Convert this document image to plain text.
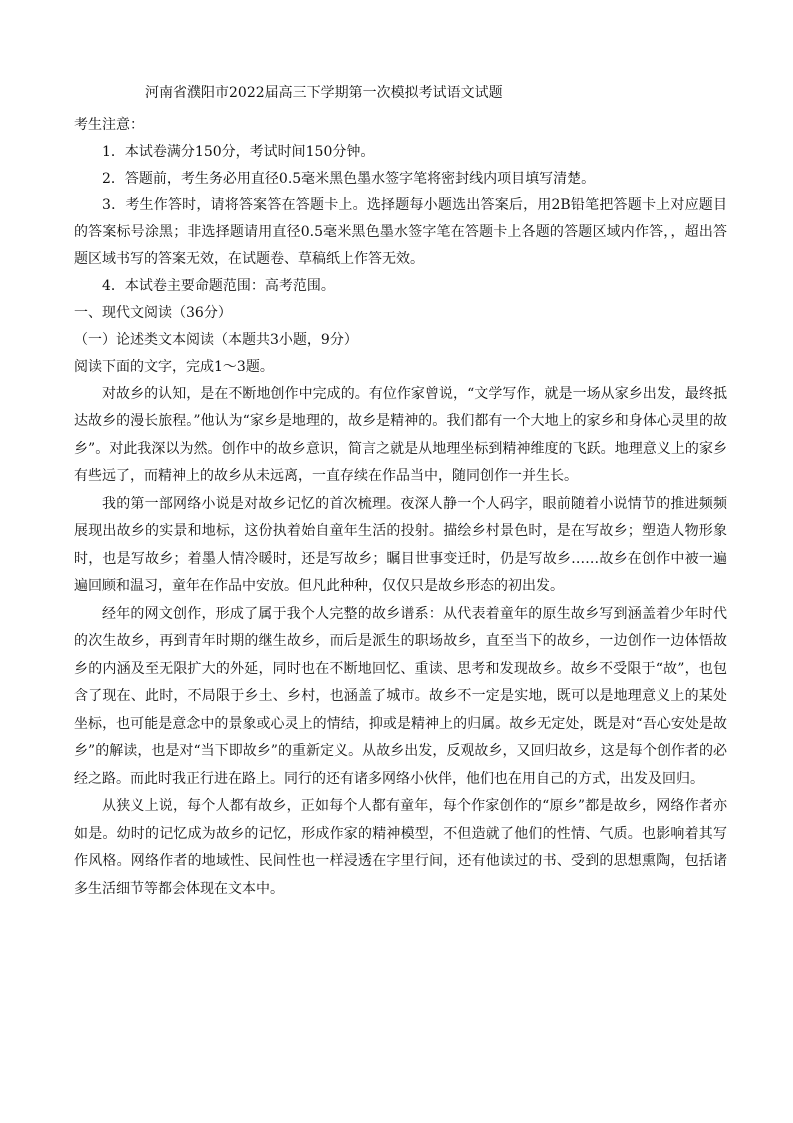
河南省濮阳市2022届高三下学期第一次模拟考试语文试题
考生注意：
1．本试卷满分150分，考试时间150分钟。
2．答题前，考生务必用直径0.5毫米黑色墨水签字笔将密封线内项目填写清楚。

3．考生作答时，请将答案答在答题卡上。选择题每小题选出答案后，用2B铅笔把答题卡上对应题目的答案标号涂黑；非选择题请用直径0.5毫米黑色墨水签字笔在答题卡上各题的答题区域内作答，，超出答题区域书写的答案无效，在试题卷、草稿纸上作答无效。

4．本试卷主要命题范围：高考范围。
一、现代文阅读（36分）
（一）论述类文本阅读（本题共3小题，9分）
阅读下面的文字，完成1～3题。

对故乡的认知，是在不断地创作中完成的。有位作家曾说，“文学写作，就是一场从家乡出发，最终抵达故乡的漫长旅程。”他认为“家乡是地理的，故乡是精神的。我们都有一个大地上的家乡和身体心灵里的故乡”。对此我深以为然。创作中的故乡意识，简言之就是从地理坐标到精神维度的飞跃。地理意义上的家乡有些远了，而精神上的故乡从未远离，一直存续在作品当中，随同创作一并生长。

我的第一部网络小说是对故乡记忆的首次梳理。夜深人静一个人码字，眼前随着小说情节的推进频频展现出故乡的实景和地标，这份执着始自童年生活的投射。描绘乡村景色时，是在写故乡；塑造人物形象时，也是写故乡；着墨人情冷暖时，还是写故乡；瞩目世事变迁时，仍是写故乡……故乡在创作中被一遍遍回顾和温习，童年在作品中安放。但凡此种种，仅仅只是故乡形态的初出发。

经年的网文创作，形成了属于我个人完整的故乡谱系：从代表着童年的原生故乡写到涵盖着少年时代的次生故乡，再到青年时期的继生故乡，而后是派生的职场故乡，直至当下的故乡，一边创作一边体悟故乡的内涵及至无限扩大的外延，同时也在不断地回忆、重读、思考和发现故乡。故乡不受限于“故”，也包含了现在、此时，不局限于乡土、乡村，也涵盖了城市。故乡不一定是实地，既可以是地理意义上的某处坐标，也可能是意念中的景象或心灵上的情结，抑或是精神上的归属。故乡无定处，既是对“吾心安处是故乡”的解读，也是对“当下即故乡”的重新定义。从故乡出发，反观故乡，又回归故乡，这是每个创作者的必经之路。而此时我正行进在路上。同行的还有诸多网络小伙伴，他们也在用自己的方式，出发及回归。

从狭义上说，每个人都有故乡，正如每个人都有童年，每个作家创作的“原乡”都是故乡，网络作者亦如是。幼时的记忆成为故乡的记忆，形成作家的精神模型，不但造就了他们的性情、气质。也影响着其写作风格。网络作者的地域性、民间性也一样浸透在字里行间，还有他读过的书、受到的思想熏陶，包括诸多生活细节等都会体现在文本中。
